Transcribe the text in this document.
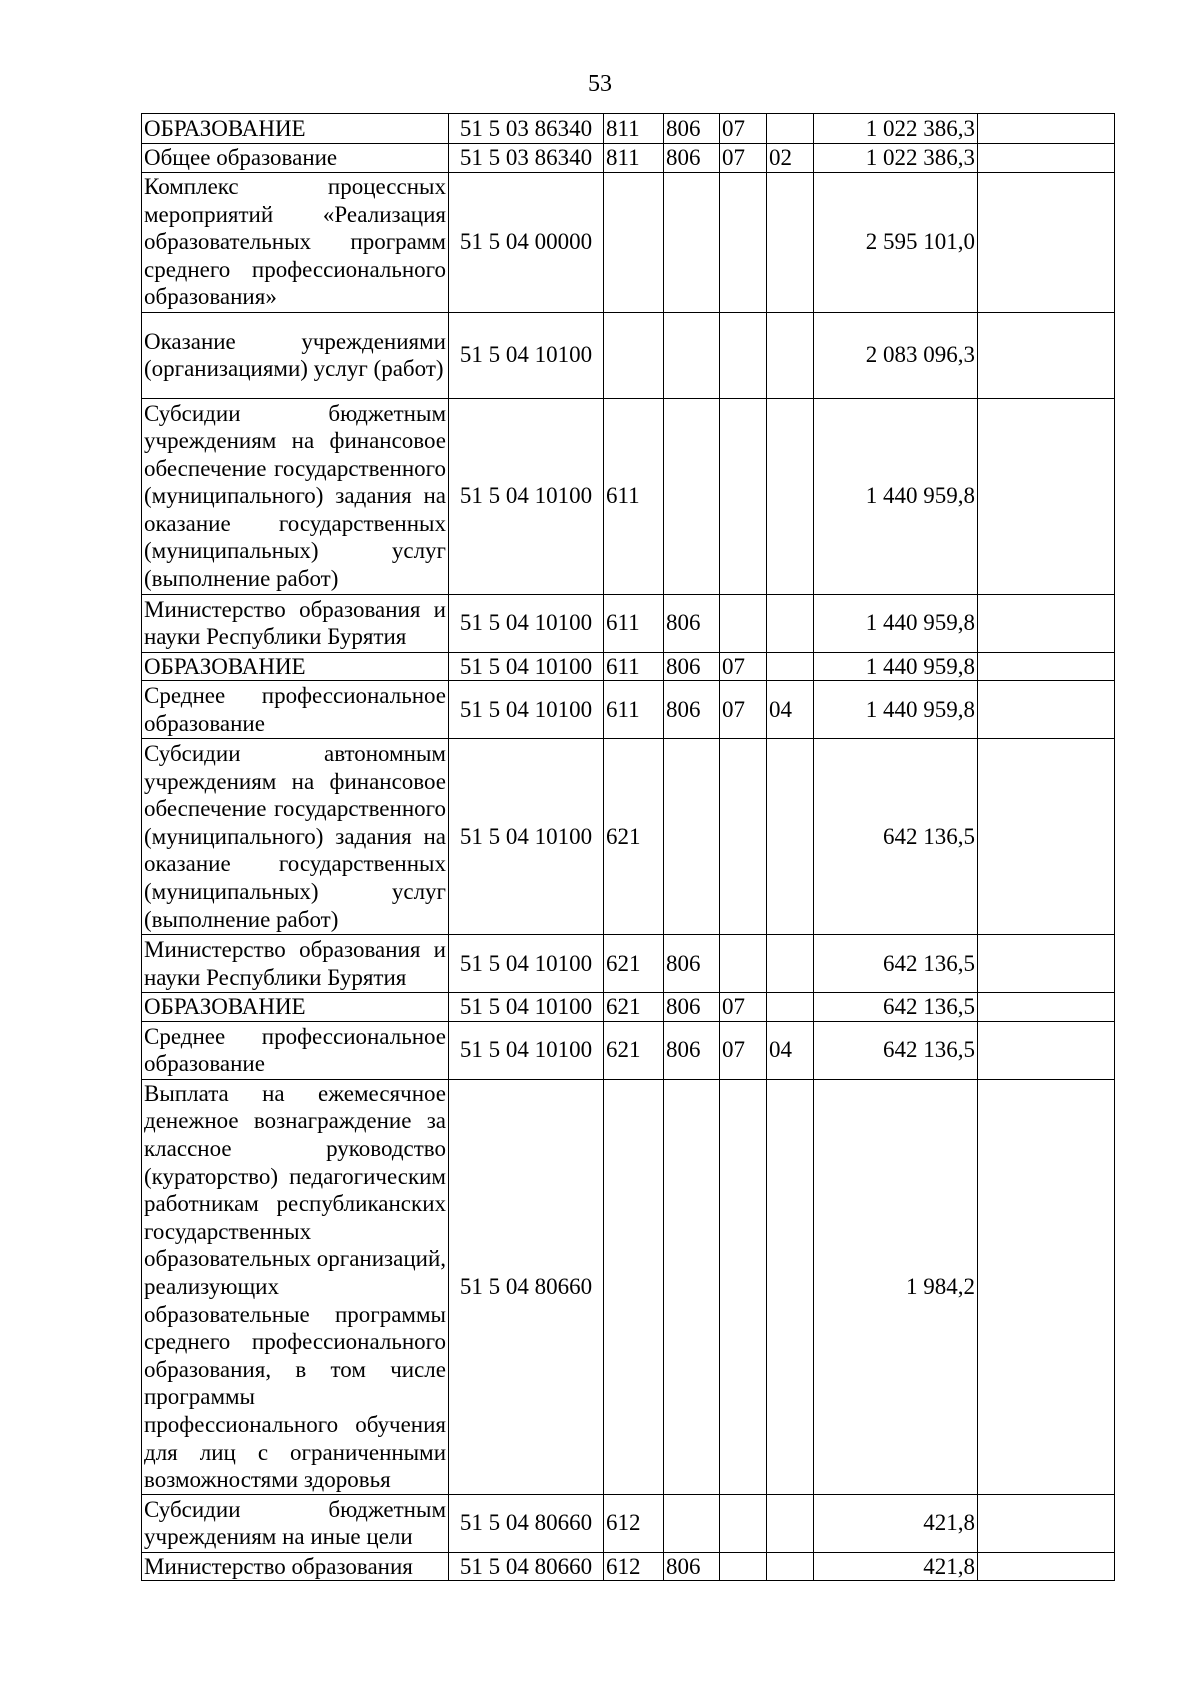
53
ОБРАЗОВАНИЕ	51 5 03 86340	811	806	07		1 022 386,3	
Общее образование	51 5 03 86340	811	806	07	02	1 022 386,3	
Комплекс процессных мероприятий «Реализация образовательных программ среднего профессионального образования»	51 5 04 00000					2 595 101,0	
Оказание учреждениями (организациями) услуг (работ)	51 5 04 10100					2 083 096,3	
Субсидии бюджетным учреждениям на финансовое обеспечение государственного (муниципального) задания на оказание государственных (муниципальных) услуг (выполнение работ)	51 5 04 10100	611				1 440 959,8	
Министерство образования и науки Республики Бурятия	51 5 04 10100	611	806			1 440 959,8	
ОБРАЗОВАНИЕ	51 5 04 10100	611	806	07		1 440 959,8	
Среднее профессиональное образование	51 5 04 10100	611	806	07	04	1 440 959,8	
Субсидии автономным учреждениям на финансовое обеспечение государственного (муниципального) задания на оказание государственных (муниципальных) услуг (выполнение работ)	51 5 04 10100	621				642 136,5	
Министерство образования и науки Республики Бурятия	51 5 04 10100	621	806			642 136,5	
ОБРАЗОВАНИЕ	51 5 04 10100	621	806	07		642 136,5	
Среднее профессиональное образование	51 5 04 10100	621	806	07	04	642 136,5	
Выплата на ежемесячное денежное вознаграждение за классное руководство (кураторство) педагогическим работникам республиканских государственных образовательных организаций, реализующих образовательные программы среднего профессионального образования, в том числе программы профессионального обучения для лиц с ограниченными возможностями здоровья	51 5 04 80660					1 984,2	
Субсидии бюджетным учреждениям на иные цели	51 5 04 80660	612				421,8	
Министерство образования	51 5 04 80660	612	806			421,8	
